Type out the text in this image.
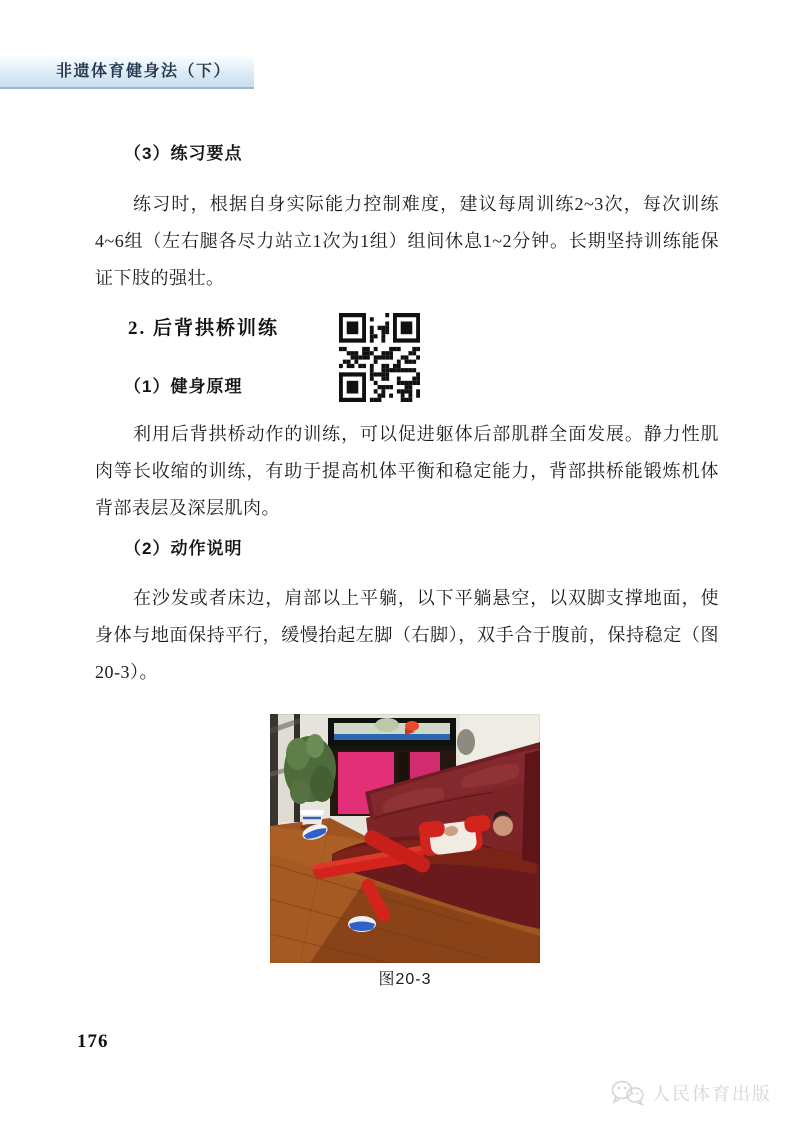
非遗体育健身法（下）
（3）练习要点

练习时，根据自身实际能力控制难度，建议每周训练2~3次，每次训练4~6组（左右腿各尽力站立1次为1组）组间休息1~2分钟。长期坚持训练能保证下肢的强壮。

2. 后背拱桥训练
（1）健身原理

利用后背拱桥动作的训练，可以促进躯体后部肌群全面发展。静力性肌肉等长收缩的训练，有助于提高机体平衡和稳定能力，背部拱桥能锻炼机体背部表层及深层肌肉。

（2）动作说明

在沙发或者床边，肩部以上平躺，以下平躺悬空，以双脚支撑地面，使身体与地面保持平行，缓慢抬起左脚（右脚），双手合于腹前，保持稳定（图20-3）。

图20-3
176
人民体育出版
